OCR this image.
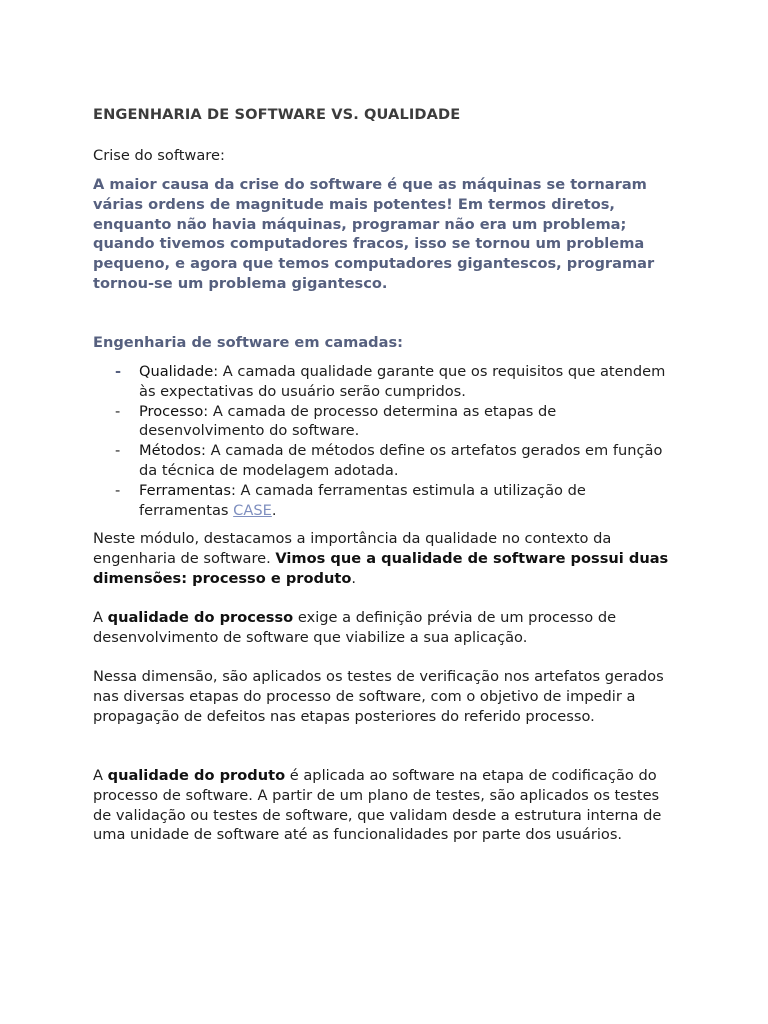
ENGENHARIA DE SOFTWARE VS. QUALIDADE

Crise do software:

A maior causa da crise do software é que as máquinas se tornaram várias ordens de magnitude mais potentes! Em termos diretos, enquanto não havia máquinas, programar não era um problema; quando tivemos computadores fracos, isso se tornou um problema pequeno, e agora que temos computadores gigantescos, programar tornou-se um problema gigantesco.

Engenharia de software em camadas:

- Qualidade: A camada qualidade garante que os requisitos que atendem às expectativas do usuário serão cumpridos.
- Processo: A camada de processo determina as etapas de desenvolvimento do software.
- Métodos: A camada de métodos define os artefatos gerados em função da técnica de modelagem adotada.
- Ferramentas: A camada ferramentas estimula a utilização de ferramentas CASE.

Neste módulo, destacamos a importância da qualidade no contexto da engenharia de software. Vimos que a qualidade de software possui duas dimensões: processo e produto.

A qualidade do processo exige a definição prévia de um processo de desenvolvimento de software que viabilize a sua aplicação.

Nessa dimensão, são aplicados os testes de verificação nos artefatos gerados nas diversas etapas do processo de software, com o objetivo de impedir a propagação de defeitos nas etapas posteriores do referido processo.

A qualidade do produto é aplicada ao software na etapa de codificação do processo de software. A partir de um plano de testes, são aplicados os testes de validação ou testes de software, que validam desde a estrutura interna de uma unidade de software até as funcionalidades por parte dos usuários.
